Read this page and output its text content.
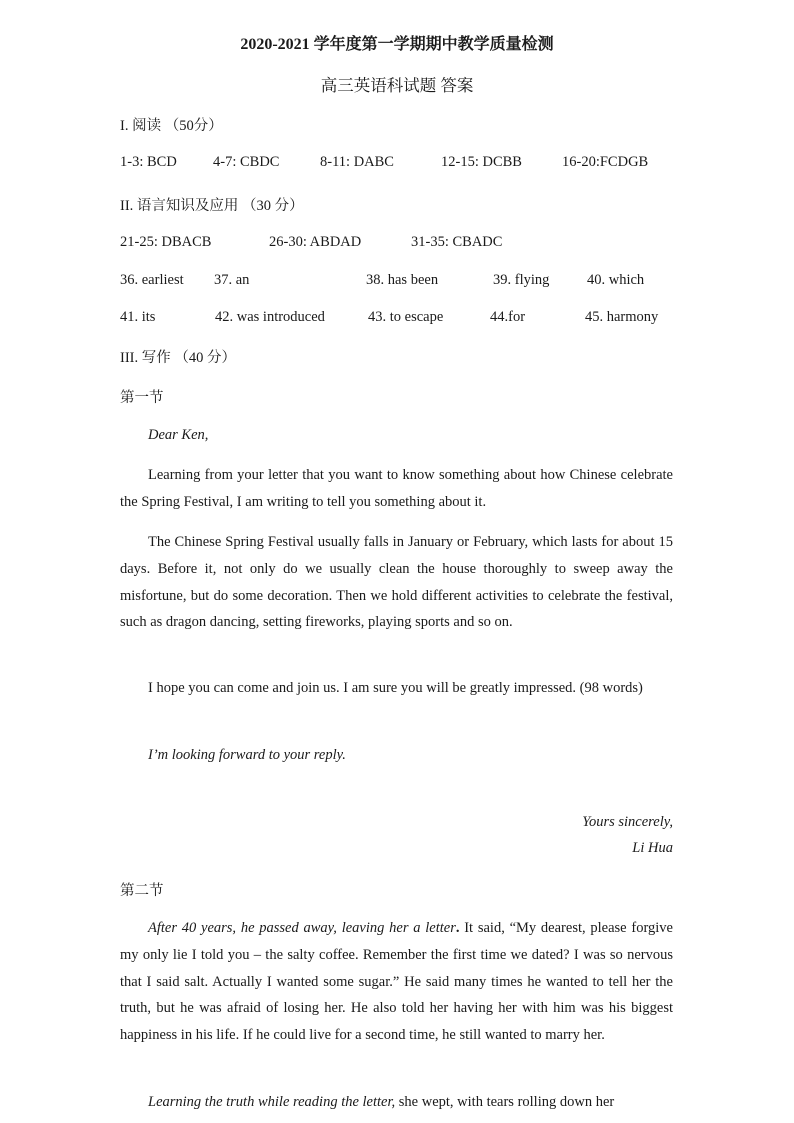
2020-2021 学年度第一学期期中教学质量检测
高三英语科试题 答案
I. 阅读 （50分）
1-3: BCD 4-7: CBDC	8-11: DABC	12-15: DCBB	16-20:FCDGB
II. 语言知识及应用 （30 分）
21-25: DBACB	26-30: ABDAD	31-35: CBADC
36. earliest 37. an	38. has been	39. flying	40. which
41. its	42. was introduced	43. to escape	44.for	45. harmony
III. 写作 （40 分）
第一节
Dear Ken,

Learning from your letter that you want to know something about how Chinese celebrate the Spring Festival, I am writing to tell you something about it.

The Chinese Spring Festival usually falls in January or February, which lasts for about 15 days. Before it, not only do we usually clean the house thoroughly to sweep away the misfortune, but do some decoration. Then we hold different activities to celebrate the festival, such as dragon dancing, setting fireworks, playing sports and so on.

I hope you can come and join us. I am sure you will be greatly impressed. (98 words)

I’m looking forward to your reply.
Yours sincerely,
Li Hua
第二节

After 40 years, he passed away, leaving her a letter. It said, “My dearest, please forgive my only lie I told you – the salty coffee. Remember the first time we dated? I was so nervous that I said salt. Actually I wanted some sugar.” He said many times he wanted to tell her the truth, but he was afraid of losing her. He also told her having her with him was his biggest happiness in his life. If he could live for a second time, he still wanted to marry her.

Learning the truth while reading the letter, she wept, with tears rolling down her
